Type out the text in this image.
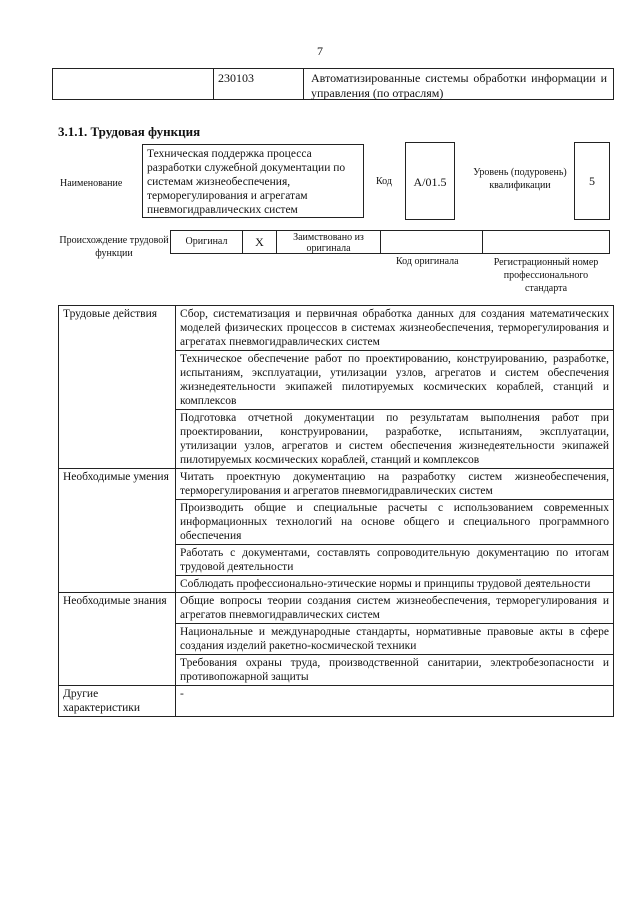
7
230103	Автоматизированные системы обработки информации и управления (по отраслям)
3.1.1. Трудовая функция
Наименование
Техническая поддержка процесса разработки служебной документации по системам жизнеобеспечения, терморегулирования и агрегатам пневмогидравлических систем
Код	A/01.5
Уровень (подуровень) квалификации	5
Происхождение трудовой функции
Оригинал	X	Заимствовано из оригинала
Код оригинала	Регистрационный номер профессионального стандарта
Трудовые действия	Сбор, систематизация и первичная обработка данных для создания математических моделей физических процессов в системах жизнеобеспечения, терморегулирования и агрегатах пневмогидравлических систем
	Техническое обеспечение работ по проектированию, конструированию, разработке, испытаниям, эксплуатации, утилизации узлов, агрегатов и систем обеспечения жизнедеятельности экипажей пилотируемых космических кораблей, станций и комплексов
	Подготовка отчетной документации по результатам выполнения работ при проектировании, конструировании, разработке, испытаниям, эксплуатации, утилизации узлов, агрегатов и систем обеспечения жизнедеятельности экипажей пилотируемых космических кораблей, станций и комплексов
Необходимые умения	Читать проектную документацию на разработку систем жизнеобеспечения, терморегулирования и агрегатов пневмогидравлических систем
	Производить общие и специальные расчеты с использованием современных информационных технологий на основе общего и специального программного обеспечения
	Работать с документами, составлять сопроводительную документацию по итогам трудовой деятельности
	Соблюдать профессионально-этические нормы и принципы трудовой деятельности
Необходимые знания	Общие вопросы теории создания систем жизнеобеспечения, терморегулирования и агрегатов пневмогидравлических систем
	Национальные и международные стандарты, нормативные правовые акты в сфере создания изделий ракетно-космической техники
	Требования охраны труда, производственной санитарии, электробезопасности и противопожарной защиты
Другие характеристики	-
